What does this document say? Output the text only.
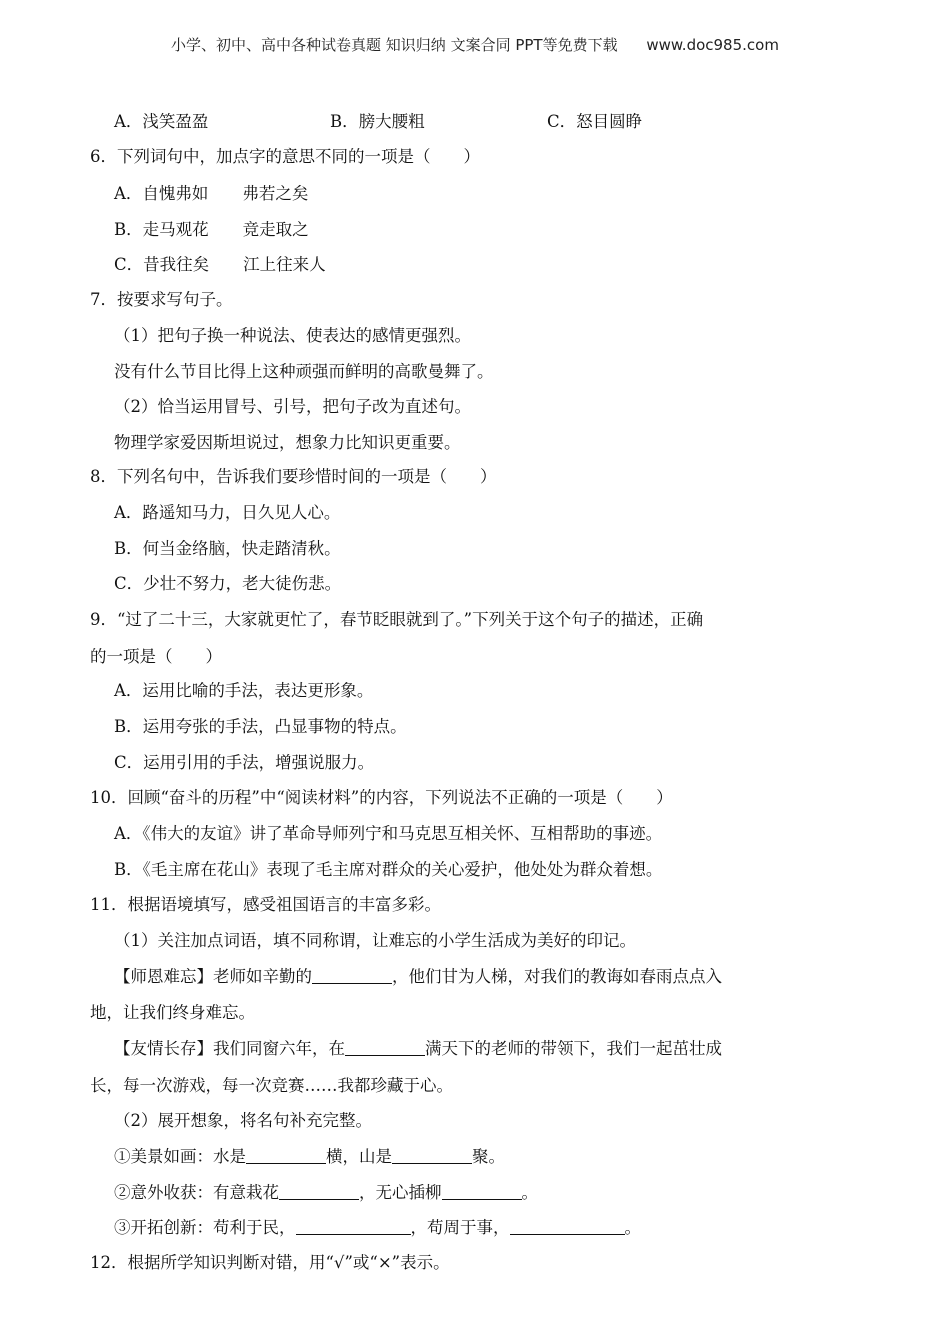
小学、初中、高中各种试卷真题 知识归纳 文案合同 PPT等免费下载 www.doc985.com
A．浅笑盈盈	B．膀大腰粗	C．怒目圆睁
6．下列词句中，加点字的意思不同的一项是（　　）
A．自愧弗如 弗若之矣
B．走马观花 竞走取之
C．昔我往矣 江上往来人
7．按要求写句子。
（1）把句子换一种说法、使表达的感情更强烈。
没有什么节目比得上这种顽强而鲜明的高歌曼舞了。
（2）恰当运用冒号、引号，把句子改为直述句。
物理学家爱因斯坦说过，想象力比知识更重要。
8．下列名句中，告诉我们要珍惜时间的一项是（　　）
A．路遥知马力，日久见人心。
B．何当金络脑，快走踏清秋。
C．少壮不努力，老大徒伤悲。
9．“过了二十三，大家就更忙了，春节眨眼就到了。”下列关于这个句子的描述，正确
的一项是（　　）
A．运用比喻的手法，表达更形象。
B．运用夸张的手法，凸显事物的特点。
C．运用引用的手法，增强说服力。
10．回顾“奋斗的历程”中“阅读材料”的内容，下列说法不正确的一项是（　　）
A．《伟大的友谊》讲了革命导师列宁和马克思互相关怀、互相帮助的事迹。
B．《毛主席在花山》表现了毛主席对群众的关心爱护，他处处为群众着想。
11．根据语境填写，感受祖国语言的丰富多彩。
（1）关注加点词语，填不同称谓，让难忘的小学生活成为美好的印记。
【师恩难忘】老师如辛勤的	，他们甘为人梯，对我们的教诲如春雨点点入
地，让我们终身难忘。
【友情长存】我们同窗六年，在	满天下的老师的带领下，我们一起茁壮成
长，每一次游戏，每一次竞赛……我都珍藏于心。
（2）展开想象，将名句补充完整。
①美景如画：水是	横，山是	聚。
②意外收获：有意栽花	，无心插柳	。
③开拓创新：苟利于民，	，苟周于事，	。
12．根据所学知识判断对错，用“√”或“×”表示。
